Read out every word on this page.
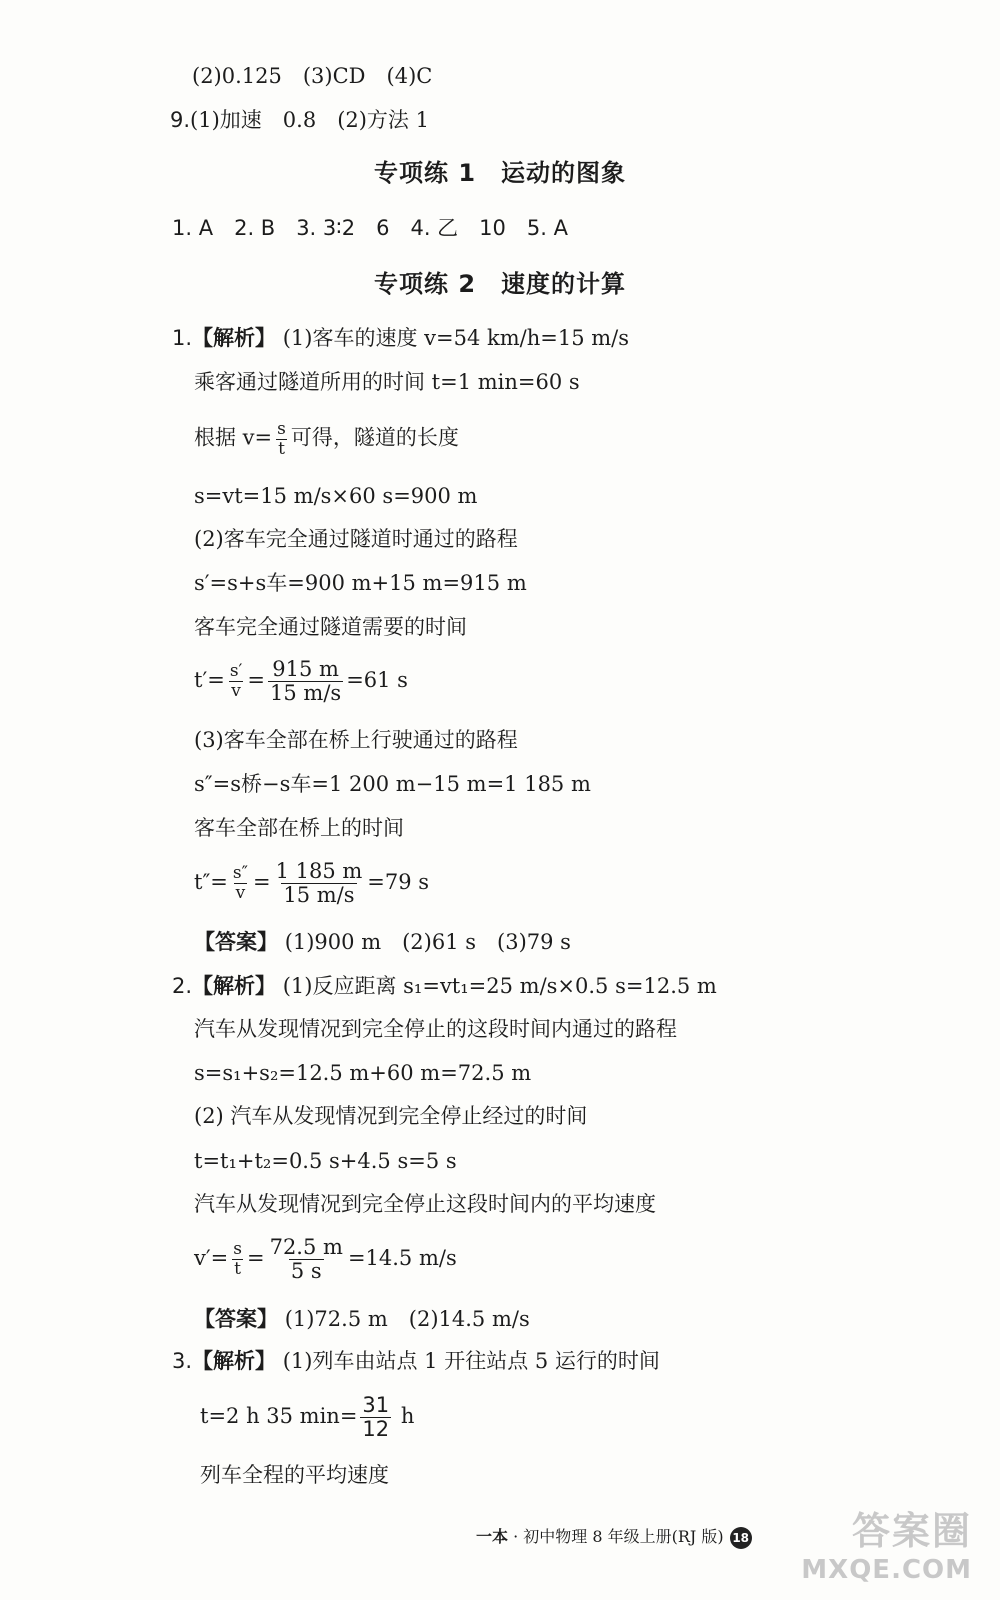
(2)0.125　(3)CD　(4)C
9.(1)加速　0.8　(2)方法 1
专项练 1　运动的图象
1. A　2. B　3. 3∶2　6　4. 乙　10　5. A
专项练 2　速度的计算
1.【解析】 (1)客车的速度 v=54 km/h=15 m/s
乘客通过隧道所用的时间 t=1 min=60 s
根据 $v= \frac{s}{t}$ 可得，隧道的长度
s=vt=15 m/s×60 s=900 m
(2)客车完全通过隧道时通过的路程
s′=s+s车=900 m+15 m=915 m
客车完全通过隧道需要的时间
$t'= \frac{s'}{v} = \frac{915 m}{15 m/s} =61$ s
(3)客车全部在桥上行驶通过的路程
s″=s桥−s车=1 200 m−15 m=1 185 m
客车全部在桥上的时间
$t''= \frac{s''}{v} = \frac{1 185 m}{15 m/s} =79$ s
【答案】 (1)900 m　(2)61 s　(3)79 s
2.【解析】 (1)反应距离 s₁=vt₁=25 m/s×0.5 s=12.5 m
汽车从发现情况到完全停止的这段时间内通过的路程
s=s₁+s₂=12.5 m+60 m=72.5 m
(2) 汽车从发现情况到完全停止经过的时间
t=t₁+t₂=0.5 s+4.5 s=5 s
汽车从发现情况到完全停止这段时间内的平均速度
$v'= \frac{s}{t} = \frac{72.5 m}{5 s} =14.5$ m/s
【答案】 (1)72.5 m　(2)14.5 m/s
3.【解析】 (1)列车由站点 1 开往站点 5 运行的时间
t=2 h 35 $\min= \frac{31}{12}$ h
列车全程的平均速度
一本 · 初中物理 8 年级上册(RJ 版) 18	答案圈
MXQE.COM
